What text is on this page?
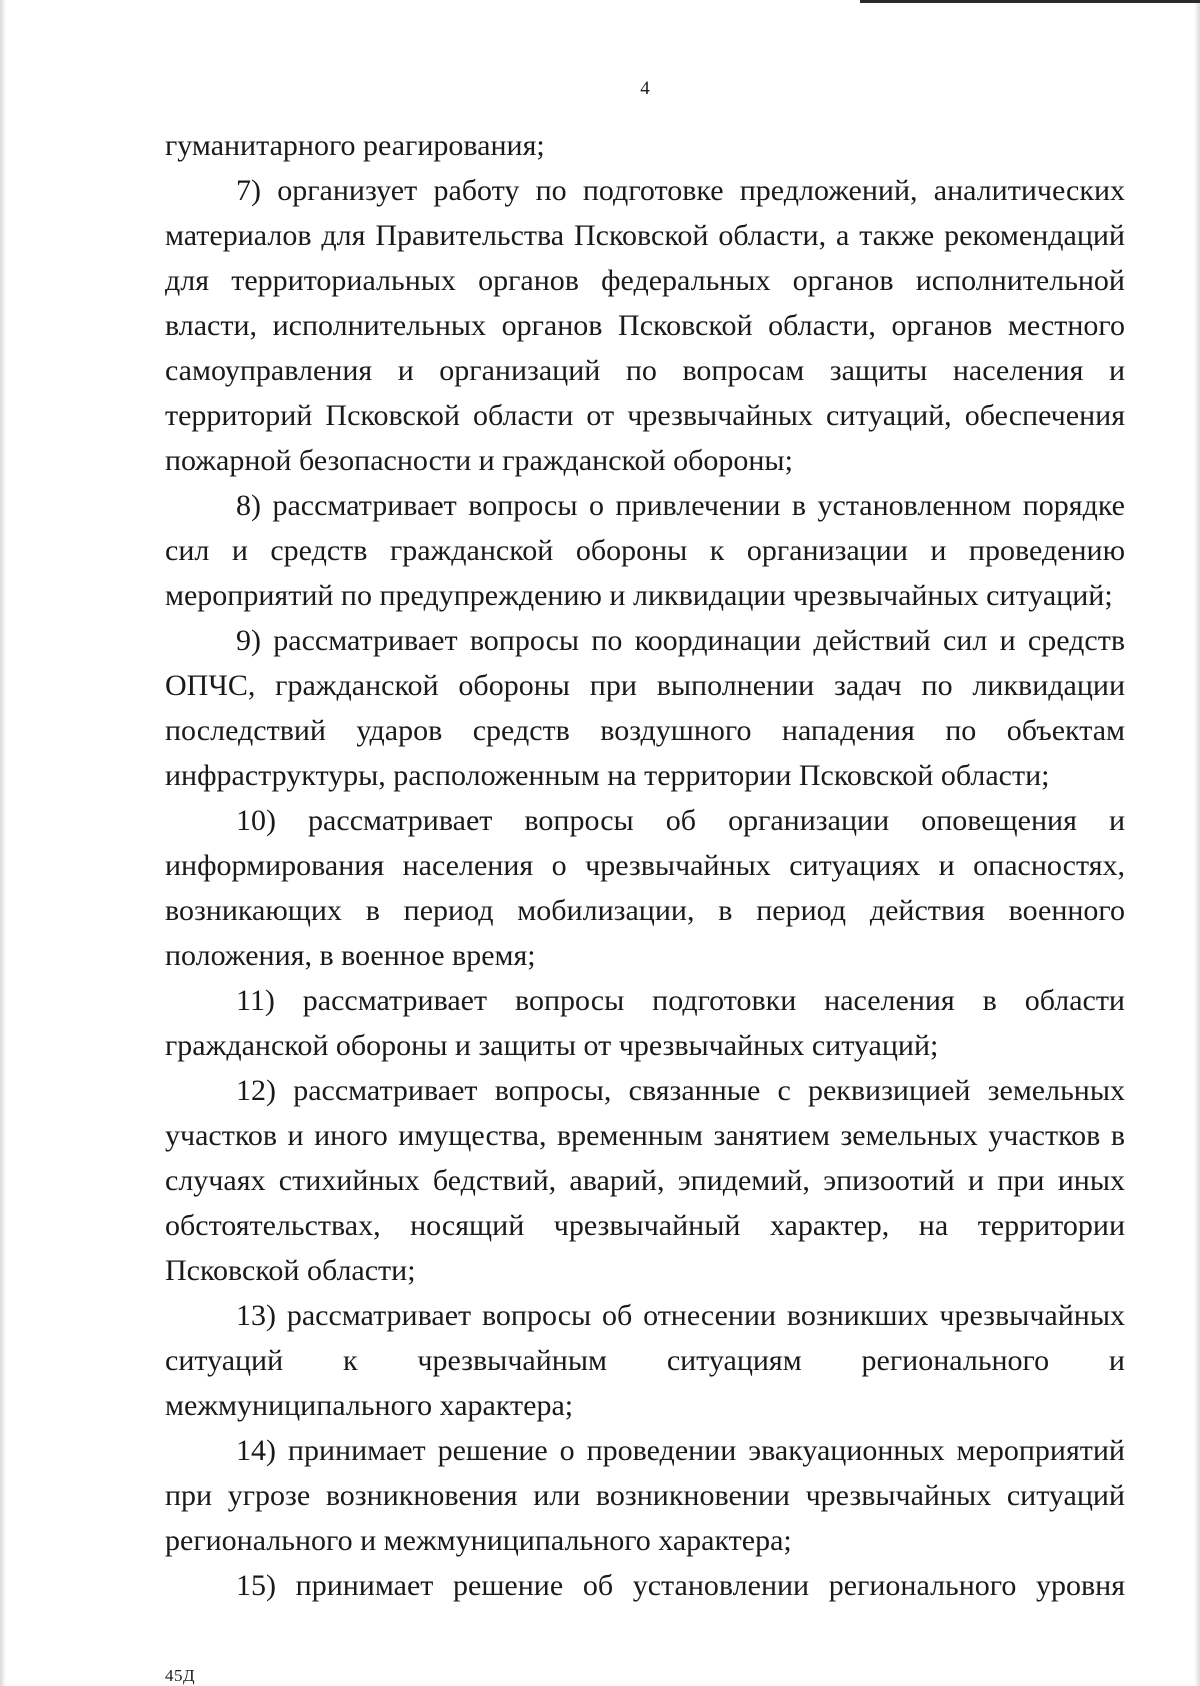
4

гуманитарного реагирования;

7) организует работу по подготовке предложений, аналитических материалов для Правительства Псковской области, а также рекомендаций для территориальных органов федеральных органов исполнительной власти, исполнительных органов Псковской области, органов местного самоуправления и организаций по вопросам защиты населения и территорий Псковской области от чрезвычайных ситуаций, обеспечения пожарной безопасности и гражданской обороны;

8) рассматривает вопросы о привлечении в установленном порядке сил и средств гражданской обороны к организации и проведению мероприятий по предупреждению и ликвидации чрезвычайных ситуаций;

9) рассматривает вопросы по координации действий сил и средств ОПЧС, гражданской обороны при выполнении задач по ликвидации последствий ударов средств воздушного нападения по объектам инфраструктуры, расположенным на территории Псковской области;

10) рассматривает вопросы об организации оповещения и информирования населения о чрезвычайных ситуациях и опасностях, возникающих в период мобилизации, в период действия военного положения, в военное время;

11) рассматривает вопросы подготовки населения в области гражданской обороны и защиты от чрезвычайных ситуаций;

12) рассматривает вопросы, связанные с реквизицией земельных участков и иного имущества, временным занятием земельных участков в случаях стихийных бедствий, аварий, эпидемий, эпизоотий и при иных обстоятельствах, носящий чрезвычайный характер, на территории Псковской области;

13) рассматривает вопросы об отнесении возникших чрезвычайных ситуаций к чрезвычайным ситуациям регионального и межмуниципального характера;

14) принимает решение о проведении эвакуационных мероприятий при угрозе возникновения или возникновении чрезвычайных ситуаций регионального и межмуниципального характера;

15) принимает решение об установлении регионального уровня

45Д
